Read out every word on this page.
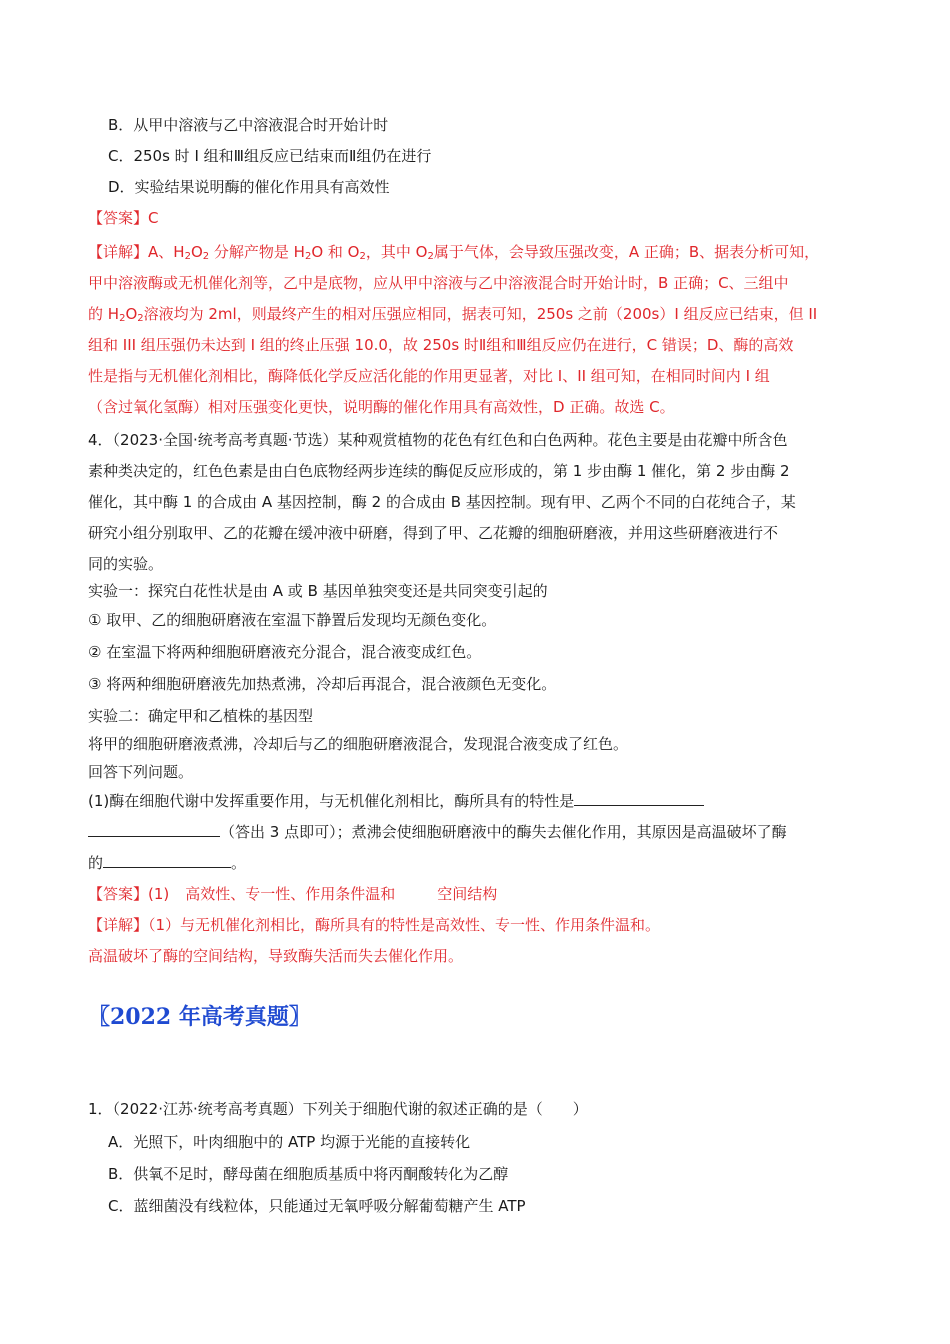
B．从甲中溶液与乙中溶液混合时开始计时
C．250s 时 I 组和Ⅲ组反应已结束而Ⅱ组仍在进行
D．实验结果说明酶的催化作用具有高效性
【答案】C
【详解】A、$H_2O_2$ 分解产物是 $H_2O$ 和 $O_2$，其中 $O_2$属于气体，会导致压强改变，A 正确；B、据表分析可知，
甲中溶液酶或无机催化剂等，乙中是底物，应从甲中溶液与乙中溶液混合时开始计时，B 正确；C、三组中
的 $H_2O_2$溶液均为 2ml，则最终产生的相对压强应相同，据表可知，250s 之前（200s）I 组反应已结束，但 II
组和 III 组压强仍未达到 I 组的终止压强 10.0，故 250s 时Ⅱ组和Ⅲ组反应仍在进行，C 错误；D、酶的高效
性是指与无机催化剂相比，酶降低化学反应活化能的作用更显著，对比 I、II 组可知，在相同时间内 I 组
（含过氧化氢酶）相对压强变化更快，说明酶的催化作用具有高效性，D 正确。故选 C。
4．（2023·全国·统考高考真题·节选）某种观赏植物的花色有红色和白色两种。花色主要是由花瓣中所含色
素种类决定的，红色色素是由白色底物经两步连续的酶促反应形成的，第 1 步由酶 1 催化，第 2 步由酶 2
催化，其中酶 1 的合成由 A 基因控制，酶 2 的合成由 B 基因控制。现有甲、乙两个不同的白花纯合子，某
研究小组分别取甲、乙的花瓣在缓冲液中研磨，得到了甲、乙花瓣的细胞研磨液，并用这些研磨液进行不
同的实验。
实验一：探究白花性状是由 A 或 B 基因单独突变还是共同突变引起的
① 取甲、乙的细胞研磨液在室温下静置后发现均无颜色变化。
② 在室温下将两种细胞研磨液充分混合，混合液变成红色。
③ 将两种细胞研磨液先加热煮沸，冷却后再混合，混合液颜色无变化。
实验二：确定甲和乙植株的基因型
将甲的细胞研磨液煮沸，冷却后与乙的细胞研磨液混合，发现混合液变成了红色。
回答下列问题。
(1)酶在细胞代谢中发挥重要作用，与无机催化剂相比，酶所具有的特性是
（答出 3 点即可）；煮沸会使细胞研磨液中的酶失去催化作用，其原因是高温破坏了酶
的	。
【答案】(1) 高效性、专一性、作用条件温和	空间结构
【详解】（1）与无机催化剂相比，酶所具有的特性是高效性、专一性、作用条件温和。
高温破坏了酶的空间结构，导致酶失活而失去催化作用。
〖2022 年高考真题〗
1．（2022·江苏·统考高考真题）下列关于细胞代谢的叙述正确的是（　　）
A．光照下，叶肉细胞中的 ATP 均源于光能的直接转化
B．供氧不足时，酵母菌在细胞质基质中将丙酮酸转化为乙醇
C．蓝细菌没有线粒体，只能通过无氧呼吸分解葡萄糖产生 ATP
